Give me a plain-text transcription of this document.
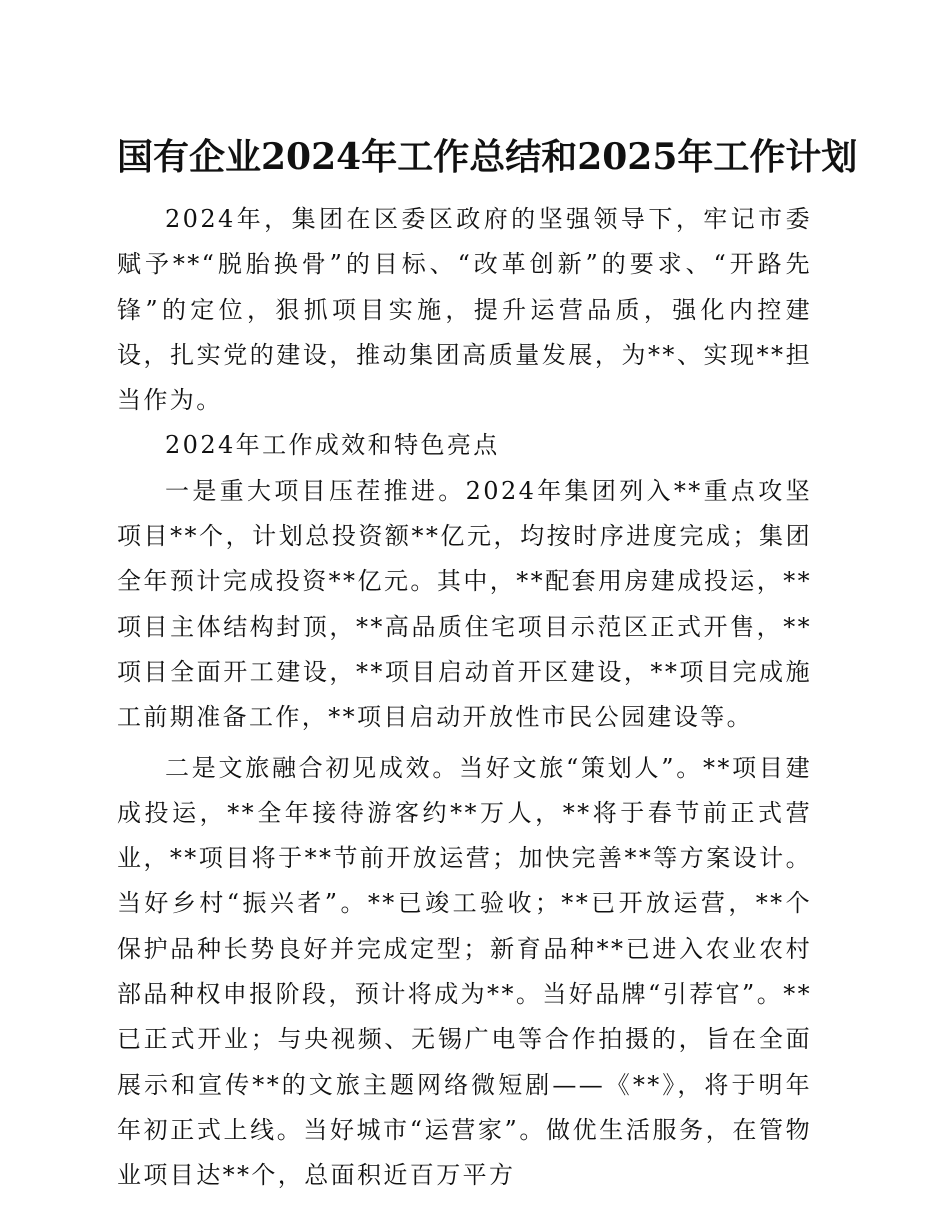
国有企业2024年工作总结和2025年工作计划

2024年，集团在区委区政府的坚强领导下，牢记市委赋予**“脱胎换骨”的目标、“改革创新”的要求、“开路先锋”的定位，狠抓项目实施，提升运营品质，强化内控建设，扎实党的建设，推动集团高质量发展，为**、实现**担当作为。

2024年工作成效和特色亮点

一是重大项目压茬推进。2024年集团列入**重点攻坚项目**个，计划总投资额**亿元，均按时序进度完成；集团全年预计完成投资**亿元。其中，**配套用房建成投运，**项目主体结构封顶，**高品质住宅项目示范区正式开售，**项目全面开工建设，**项目启动首开区建设，**项目完成施工前期准备工作，**项目启动开放性市民公园建设等。

二是文旅融合初见成效。当好文旅“策划人”。**项目建成投运，**全年接待游客约**万人，**将于春节前正式营业，**项目将于**节前开放运营；加快完善**等方案设计。当好乡村“振兴者”。**已竣工验收；**已开放运营，**个保护品种长势良好并完成定型；新育品种**已进入农业农村部品种权申报阶段，预计将成为**。当好品牌“引荐官”。**已正式开业；与央视频、无锡广电等合作拍摄的，旨在全面展示和宣传**的文旅主题网络微短剧——《**》，将于明年年初正式上线。当好城市“运营家”。做优生活服务，在管物业项目达**个，总面积近百万平方
